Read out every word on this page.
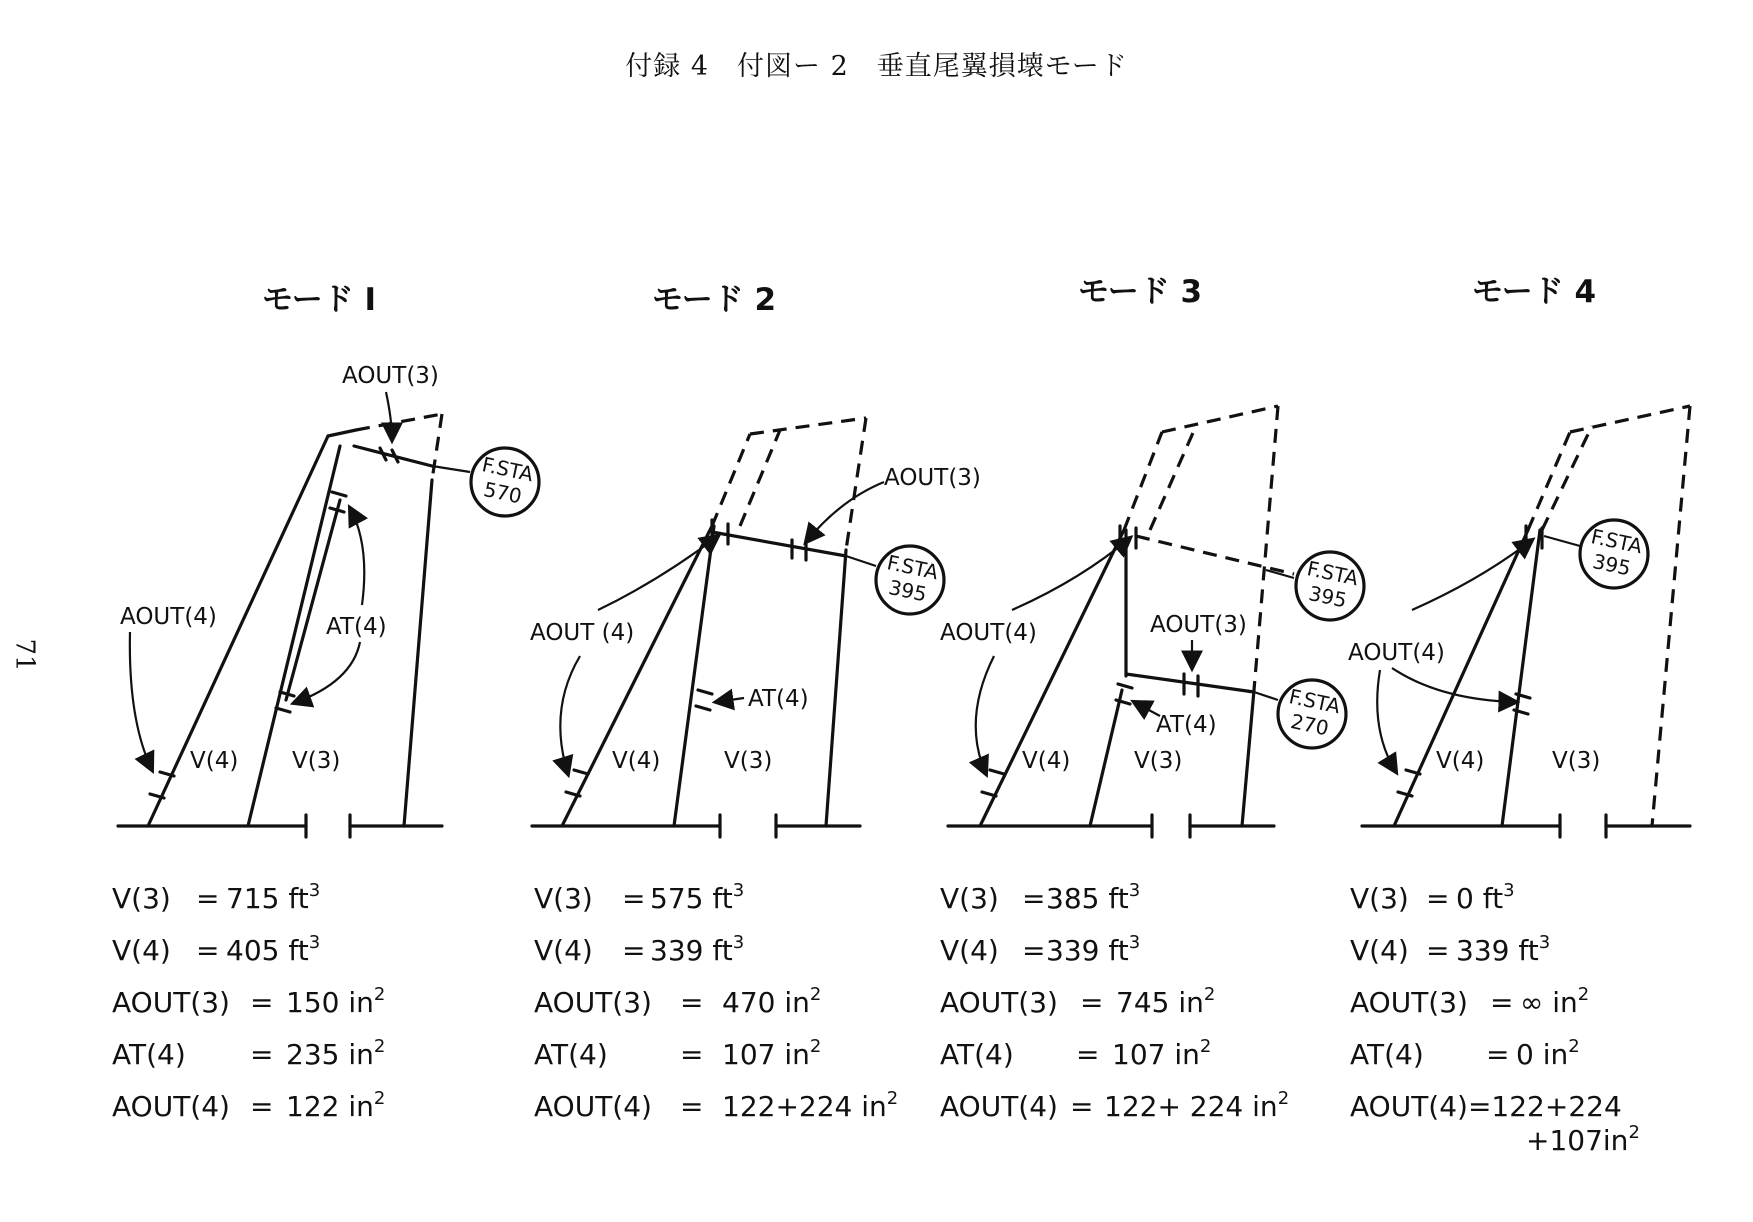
付録 4　付図ー 2　垂直尾翼損壊モード
71
モード I
F.STA
570
AOUT(3)
AOUT(4)	AT(4)
V(4) V(3)
モード 2
F.STA
395
AOUT(3)
AOUT (4)
AT(4)
V(4)	V(3)
モード 3
F.STA
395
F.STA
270
AOUT(3)
AOUT(4)
AT(4)
V(4)	V(3)
モード 4
F.STA
395
AOUT(4)
V(4)	V(3)
V(3) = 715 $ft^3$
V(4) = 405 $ft^3$
AOUT(3) = 150 $in^2$
AT(4) = 235 $in^2$
AOUT(4) = 122 $in^2$
V(3) = 575 $ft^3$
V(4) = 339 $ft^3$
AOUT(3) = 470 $in^2$
AT(4)	= 107 $in^2$
AOUT(4) = 122+224 $in^2$
V(3) =385 $ft^3$
V(4) =339 $ft^3$
AOUT(3) = 745 $in^2$
AT(4) = 107 $in^2$
AOUT(4) = 122+ 224 $in^2$
V(3) = 0 $ft^3$
V(4) = 339 $ft^3$
AOUT(3) = ∞ $in^2$
AT(4) = 0 $in^2$
AOUT(4)=122+224
$+107in^2$
